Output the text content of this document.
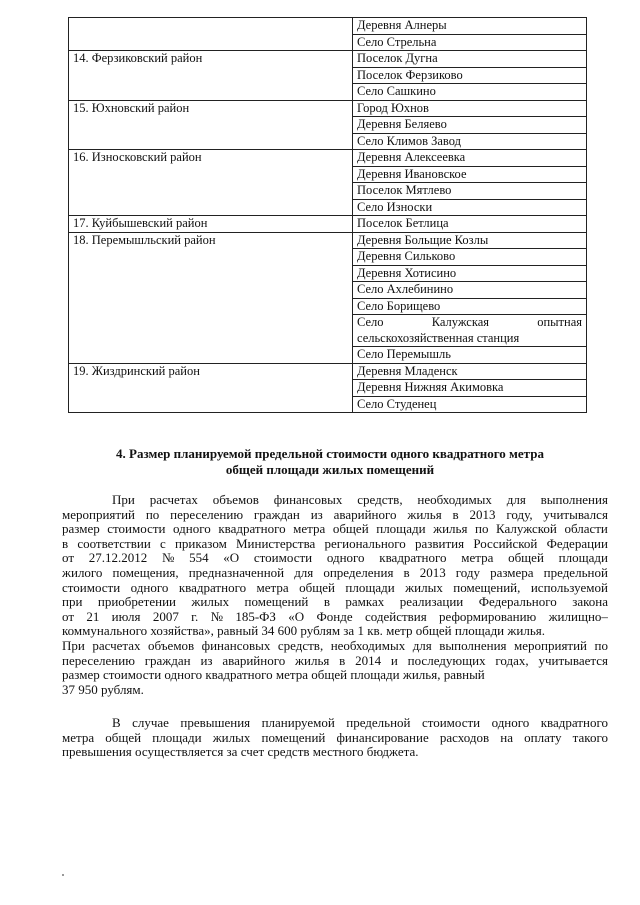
	Деревня Алнеры
	Село Стрельна
14. Ферзиковский район	Поселок Дугна
	Поселок Ферзиково
	Село Сашкино
15. Юхновский район	Город Юхнов
	Деревня Беляево
	Село Климов Завод
16. Износковский район	Деревня Алексеевка
	Деревня Ивановское
	Поселок Мятлево
	Село Износки
17. Куйбышевский район	Поселок Бетлица
18. Перемышльский район	Деревня Больщие Козлы
	Деревня Сильково
	Деревня Хотисино
	Село Ахлебинино
	Село Борищево

	Село Калужская опытная
сельскохозяйственная станция

	Село Перемышль
19. Жиздринский район	Деревня Младенск
	Деревня Нижняя Акимовка
	Село Студенец
4. Размер планируемой предельной стоимости одного квадратного метра
общей площади жилых помещений
При расчетах объемов финансовых средств, необходимых для выполнения
мероприятий по переселению граждан из аварийного жилья в 2013 году, учитывался
размер стоимости одного квадратного метра общей площади жилья по Калужской области
в соответствии с приказом Министерства регионального развития Российской Федерации
от 27.12.2012 № 554 «О стоимости одного квадратного метра общей площади
жилого помещения, предназначенной для определения в 2013 году размера предельной
стоимости одного квадратного метра общей площади жилых помещений, используемой
при приобретении жилых помещений в рамках реализации Федерального закона
от 21 июля 2007 г. № 185-ФЗ «О Фонде содействия реформированию жилищно–
коммунального хозяйства», равный 34 600 рублям за 1 кв. метр общей площади жилья.
При расчетах объемов финансовых средств, необходимых для выполнения мероприятий по
переселению граждан из аварийного жилья в 2014 и последующих годах, учитывается
размер стоимости одного квадратного метра общей площади жилья, равный
37 950 рублям.
В случае превышения планируемой предельной стоимости одного квадратного
метра общей площади жилых помещений финансирование расходов на оплату такого
превышения осуществляется за счет средств местного бюджета.
